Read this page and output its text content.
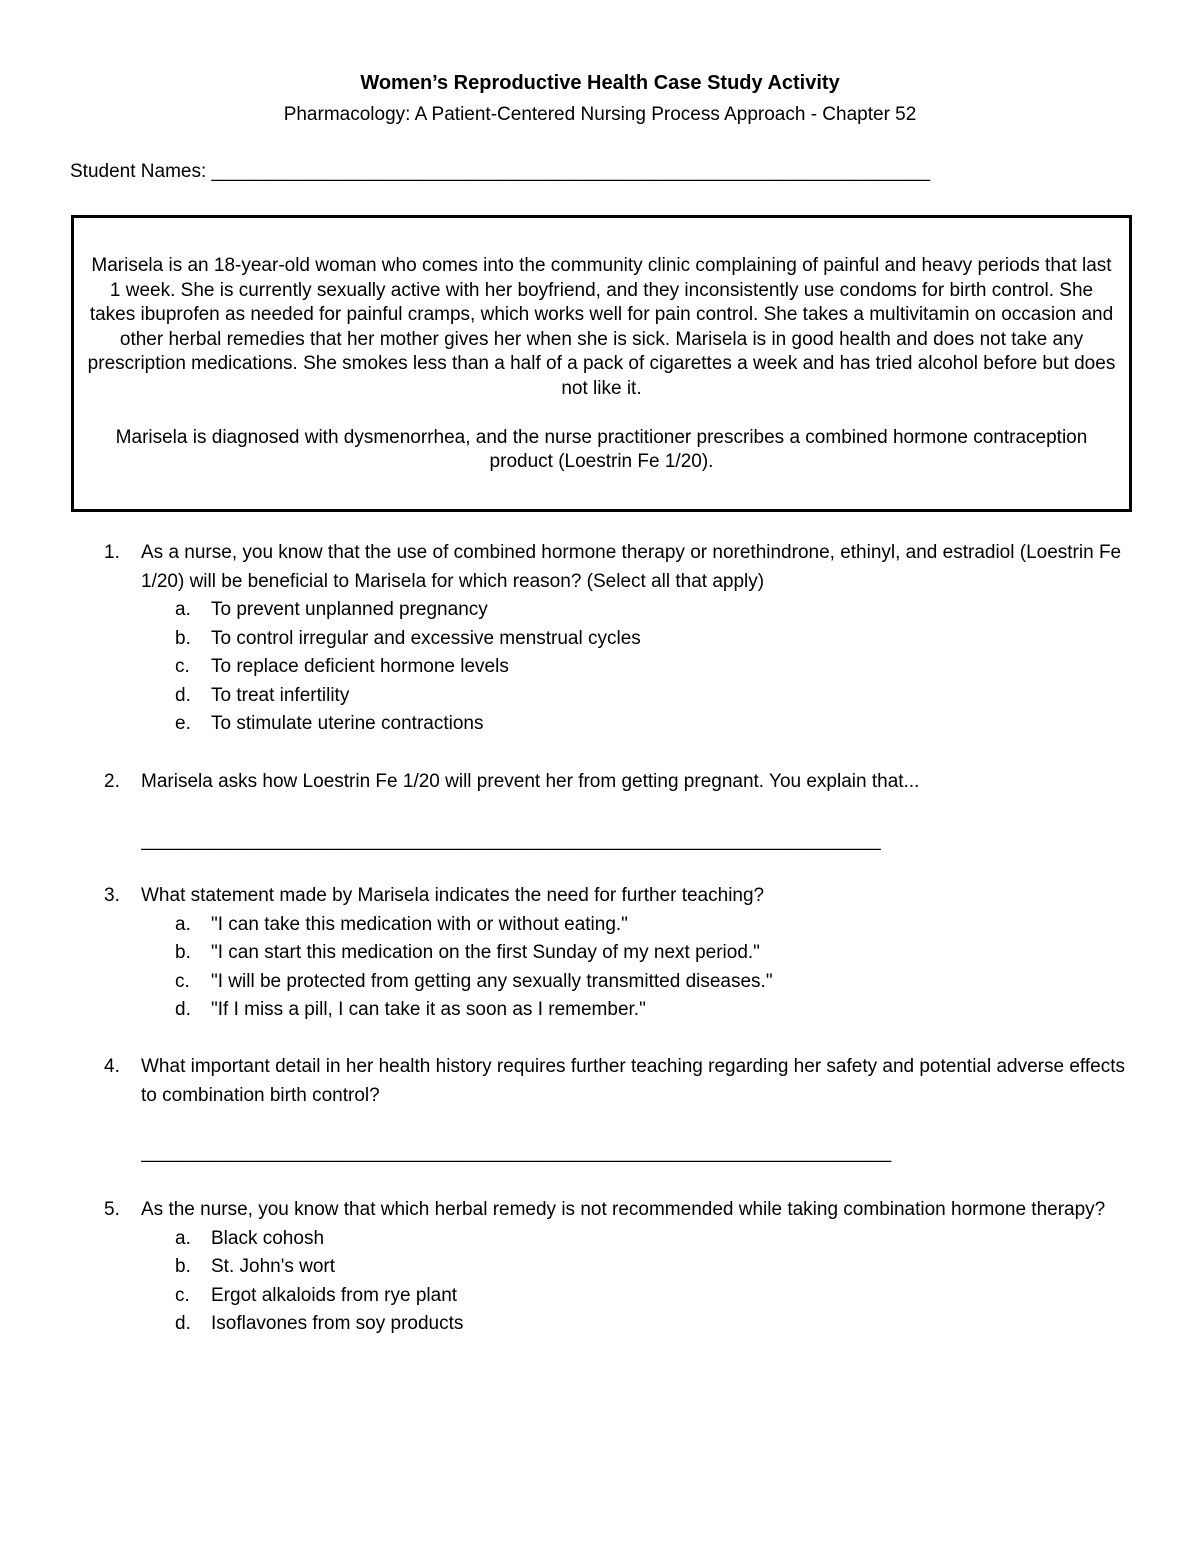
Women’s Reproductive Health Case Study Activity
Pharmacology: A Patient-Centered Nursing Process Approach - Chapter 52
Student Names: ____________________________________________________________________

Marisela is an 18-year-old woman who comes into the community clinic complaining of painful and heavy periods that last 1 week. She is currently sexually active with her boyfriend, and they inconsistently use condoms for birth control. She takes ibuprofen as needed for painful cramps, which works well for pain control. She takes a multivitamin on occasion and other herbal remedies that her mother gives her when she is sick. Marisela is in good health and does not take any prescription medications. She smokes less than a half of a pack of cigarettes a week and has tried alcohol before but does not like it.

Marisela is diagnosed with dysmenorrhea, and the nurse practitioner prescribes a combined hormone contraception product (Loestrin Fe 1/20).

1.	As a nurse, you know that the use of combined hormone therapy or norethindrone, ethinyl, and estradiol (Loestrin Fe 1/20) will be beneficial to Marisela for which reason? (Select all that apply)
a. To prevent unplanned pregnancy
b. To control irregular and excessive menstrual cycles
c. To replace deficient hormone levels
d. To treat infertility
e. To stimulate uterine contractions
2.	Marisela asks how Loestrin Fe 1/20 will prevent her from getting pregnant. You explain that...
______________________________________________________________________
3.	What statement made by Marisela indicates the need for further teaching?
a. "I can take this medication with or without eating."
b. "I can start this medication on the first Sunday of my next period."
c. "I will be protected from getting any sexually transmitted diseases."
d. "If I miss a pill, I can take it as soon as I remember."
4.	What important detail in her health history requires further teaching regarding her safety and potential adverse effects to combination birth control?
_______________________________________________________________________
5.	As the nurse, you know that which herbal remedy is not recommended while taking combination hormone therapy?
a. Black cohosh
b. St. John's wort
c. Ergot alkaloids from rye plant
d. Isoflavones from soy products
